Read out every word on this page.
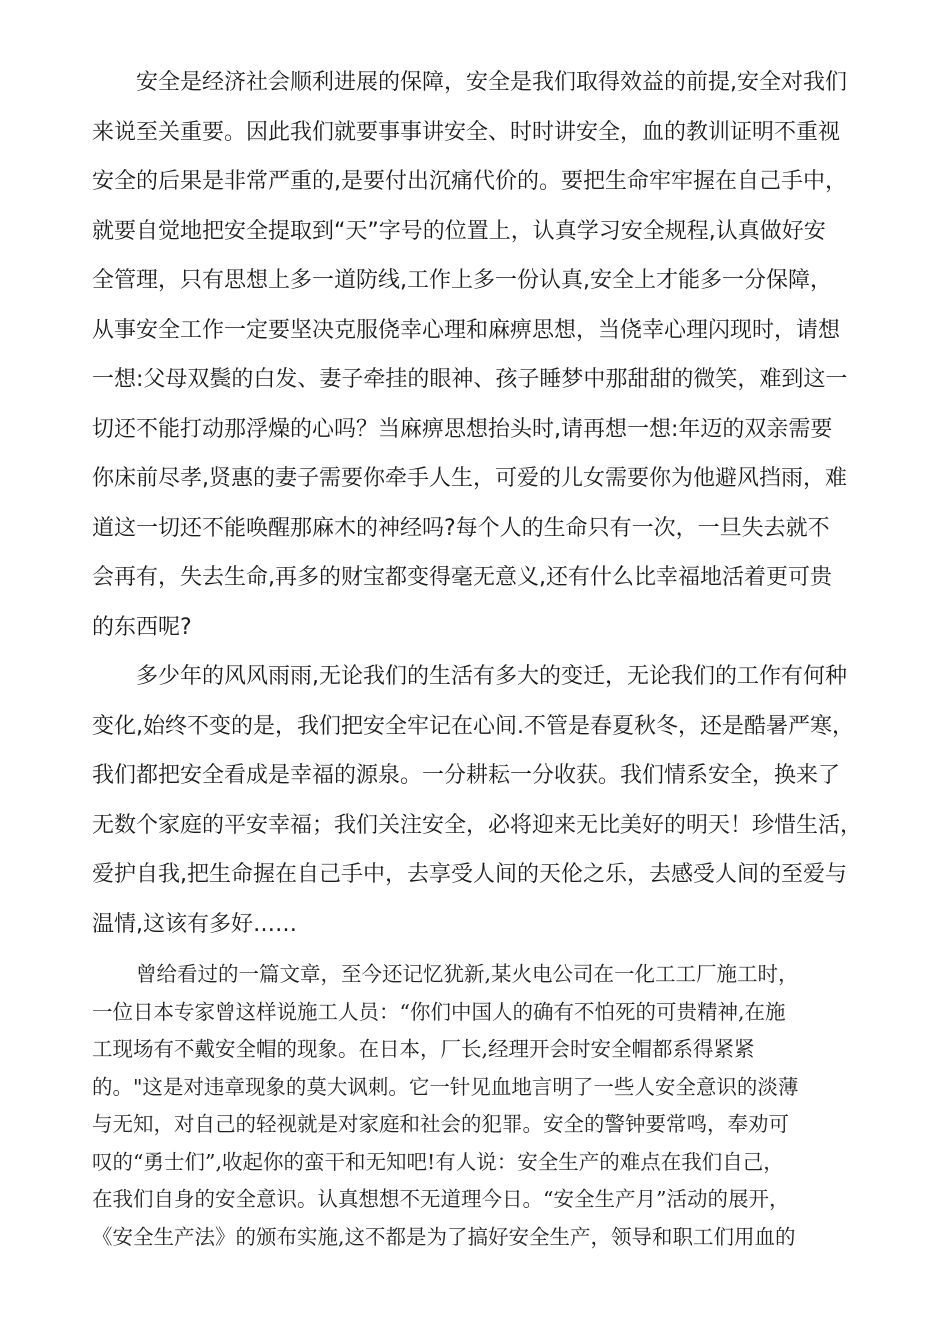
安全是经济社会顺利进展的保障，安全是我们取得效益的前提,安全对我们
来说至关重要。因此我们就要事事讲安全、时时讲安全，血的教训证明不重视
安全的后果是非常严重的,是要付出沉痛代价的。要把生命牢牢握在自己手中，
就要自觉地把安全提取到“天”字号的位置上，认真学习安全规程,认真做好安
全管理，只有思想上多一道防线,工作上多一份认真,安全上才能多一分保障，
从事安全工作一定要坚决克服侥幸心理和麻痹思想，当侥幸心理闪现时，请想
一想:父母双鬓的白发、妻子牵挂的眼神、孩子睡梦中那甜甜的微笑，难到这一
切还不能打动那浮燥的心吗？当麻痹思想抬头时,请再想一想:年迈的双亲需要
你床前尽孝,贤惠的妻子需要你牵手人生，可爱的儿女需要你为他避风挡雨，难
道这一切还不能唤醒那麻木的神经吗?每个人的生命只有一次，一旦失去就不
会再有，失去生命,再多的财宝都变得毫无意义,还有什么比幸福地活着更可贵
的东西呢?
多少年的风风雨雨,无论我们的生活有多大的变迁，无论我们的工作有何种
变化,始终不变的是，我们把安全牢记在心间.不管是春夏秋冬，还是酷暑严寒，
我们都把安全看成是幸福的源泉。一分耕耘一分收获。我们情系安全，换来了
无数个家庭的平安幸福；我们关注安全，必将迎来无比美好的明天！珍惜生活，
爱护自我,把生命握在自己手中，去享受人间的天伦之乐，去感受人间的至爱与
温情,这该有多好……
曾给看过的一篇文章，至今还记忆犹新,某火电公司在一化工工厂施工时，
一位日本专家曾这样说施工人员：“你们中国人的确有不怕死的可贵精神,在施
工现场有不戴安全帽的现象。在日本，厂长,经理开会时安全帽都系得紧紧
的。"这是对违章现象的莫大讽刺。它一针见血地言明了一些人安全意识的淡薄
与无知，对自己的轻视就是对家庭和社会的犯罪。安全的警钟要常鸣，奉劝可
叹的“勇士们”,收起你的蛮干和无知吧!有人说：安全生产的难点在我们自己，
在我们自身的安全意识。认真想想不无道理今日。“安全生产月”活动的展开，
《安全生产法》的颁布实施,这不都是为了搞好安全生产，领导和职工们用血的
